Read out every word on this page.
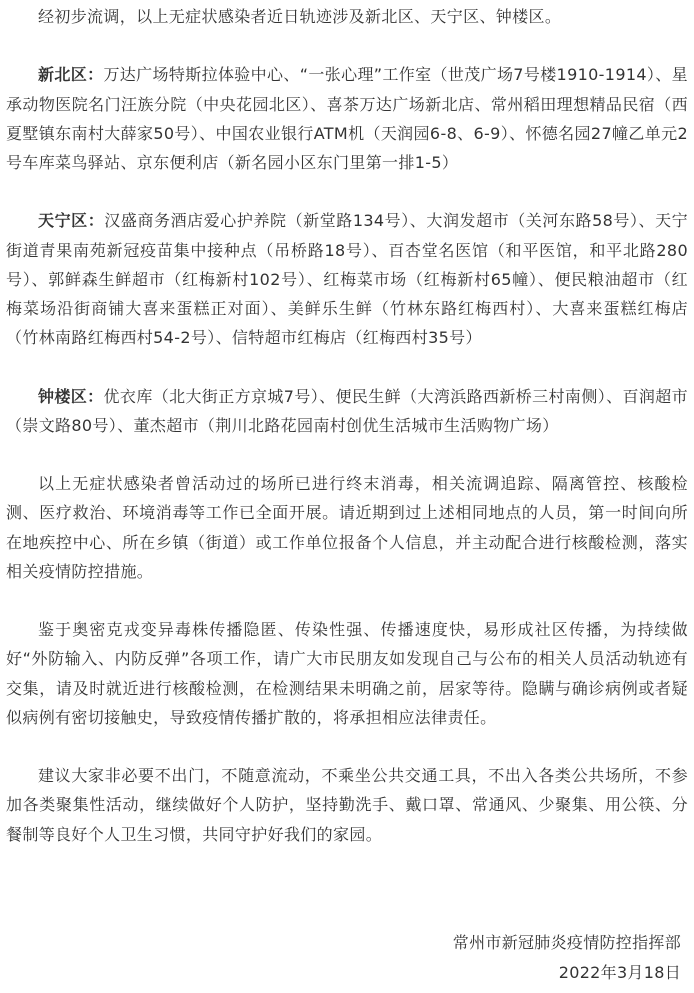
经初步流调，以上无症状感染者近日轨迹涉及新北区、天宁区、钟楼区。

新北区：万达广场特斯拉体验中心、“一张心理”工作室（世茂广场7号楼1910-1914）、星承动物医院名门汪族分院（中央花园北区）、喜茶万达广场新北店、常州稻田理想精品民宿（西夏墅镇东南村大薛家50号）、中国农业银行ATM机（天润园6-8、6-9）、怀德名园27幢乙单元2号车库菜鸟驿站、京东便利店（新名园小区东门里第一排1-5）

天宁区：汉盛商务酒店爱心护养院（新堂路134号）、大润发超市（关河东路58号）、天宁街道青果南苑新冠疫苗集中接种点（吊桥路18号）、百杏堂名医馆（和平医馆，和平北路280号）、郭鲜森生鲜超市（红梅新村102号）、红梅菜市场（红梅新村65幢）、便民粮油超市（红梅菜场沿街商铺大喜来蛋糕正对面）、美鲜乐生鲜（竹林东路红梅西村）、大喜来蛋糕红梅店（竹林南路红梅西村54-2号）、信特超市红梅店（红梅西村35号）

钟楼区：优衣库（北大街正方京城7号）、便民生鲜（大湾浜路西新桥三村南侧）、百润超市（崇文路80号）、董杰超市（荆川北路花园南村创优生活城市生活购物广场）

以上无症状感染者曾活动过的场所已进行终末消毒，相关流调追踪、隔离管控、核酸检测、医疗救治、环境消毒等工作已全面开展。请近期到过上述相同地点的人员，第一时间向所在地疾控中心、所在乡镇（街道）或工作单位报备个人信息，并主动配合进行核酸检测，落实相关疫情防控措施。

鉴于奥密克戎变异毒株传播隐匿、传染性强、传播速度快，易形成社区传播，为持续做好“外防输入、内防反弹”各项工作，请广大市民朋友如发现自己与公布的相关人员活动轨迹有交集，请及时就近进行核酸检测，在检测结果未明确之前，居家等待。隐瞒与确诊病例或者疑似病例有密切接触史，导致疫情传播扩散的，将承担相应法律责任。

建议大家非必要不出门，不随意流动，不乘坐公共交通工具，不出入各类公共场所，不参加各类聚集性活动，继续做好个人防护，坚持勤洗手、戴口罩、常通风、少聚集、用公筷、分餐制等良好个人卫生习惯，共同守护好我们的家园。

常州市新冠肺炎疫情防控指挥部
2022年3月18日
